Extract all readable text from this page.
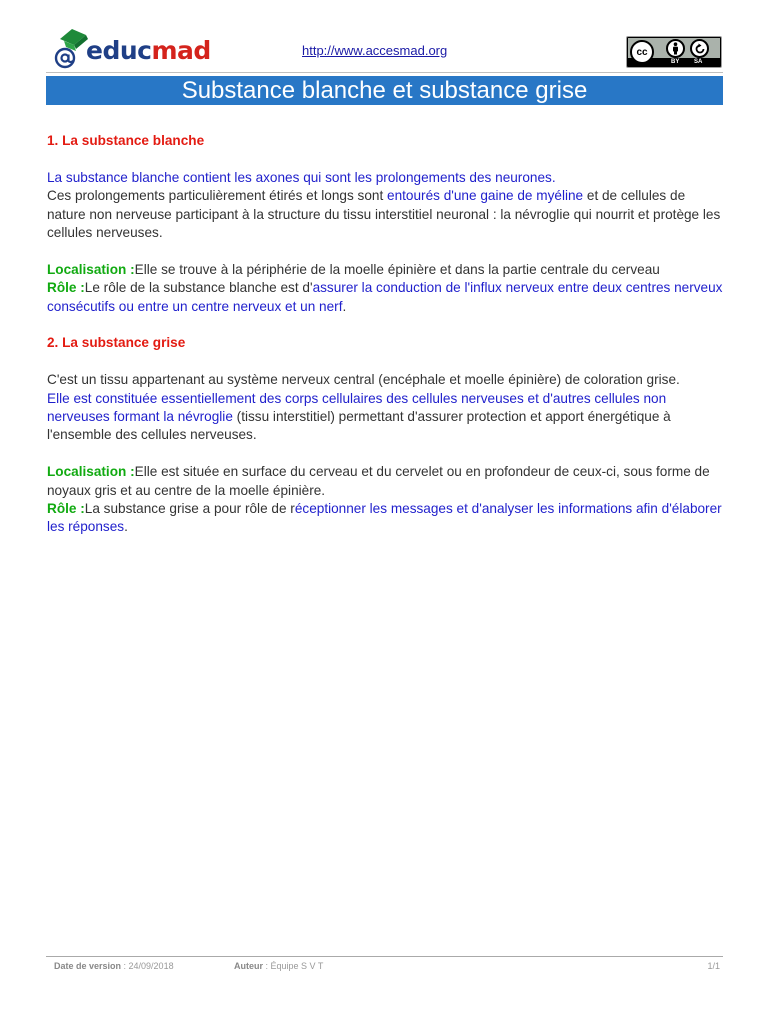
educmad	http://www.accesmad.org	cc
BY SA
Substance blanche et substance grise

1. La substance blanche

La substance blanche contient les axones qui sont les prolongements des neurones.

Ces prolongements particulièrement étirés et longs sont entourés d'une gaine de myéline et de cellules de nature non nerveuse participant à la structure du tissu interstitiel neuronal : la névroglie qui nourrit et protège les cellules nerveuses.

Localisation :Elle se trouve à la périphérie de la moelle épinière et dans la partie centrale du cerveau

Rôle :Le rôle de la substance blanche est d'assurer la conduction de l'influx nerveux entre deux centres nerveux consécutifs ou entre un centre nerveux et un nerf.

2. La substance grise

C'est un tissu appartenant au système nerveux central (encéphale et moelle épinière) de coloration grise.

Elle est constituée essentiellement des corps cellulaires des cellules nerveuses et d'autres cellules non nerveuses formant la névroglie (tissu interstitiel) permettant d'assurer protection et apport énergétique à l'ensemble des cellules nerveuses.

Localisation :Elle est située en surface du cerveau et du cervelet ou en profondeur de ceux-ci, sous forme de noyaux gris et au centre de la moelle épinière.

Rôle :La substance grise a pour rôle de réceptionner les messages et d'analyser les informations afin d'élaborer les réponses.

Date de version : 24/09/2018	Auteur : Équipe S V T	1/1
